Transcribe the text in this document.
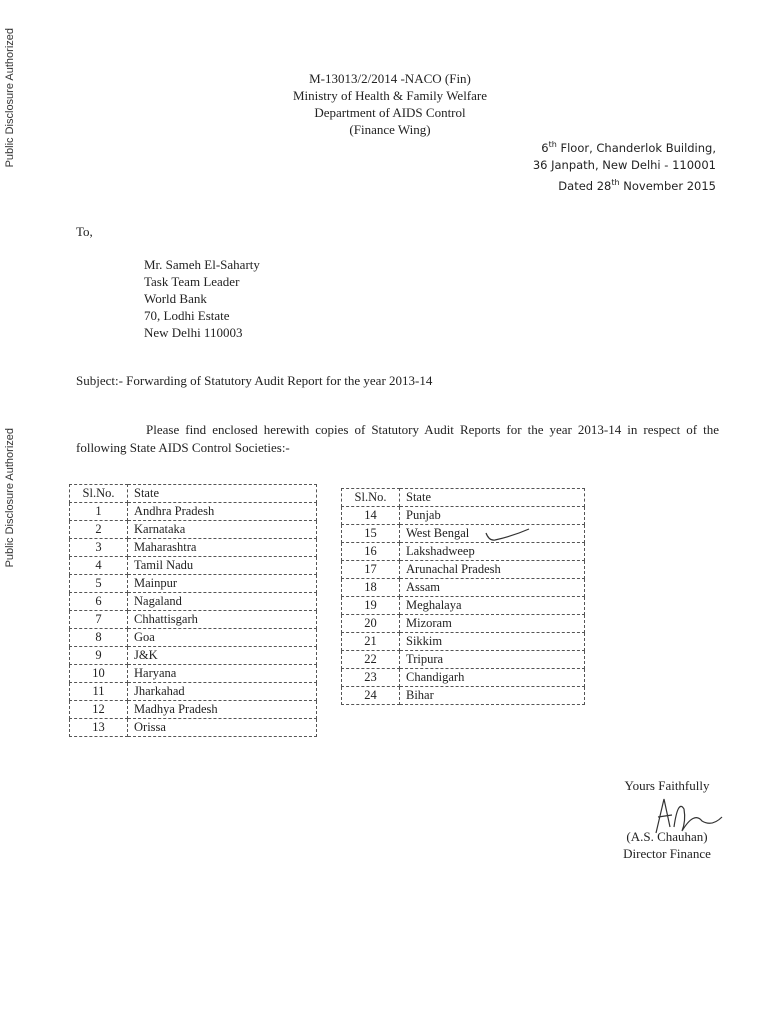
Public Disclosure Authorized
Public Disclosure Authorized
M-13013/2/2014 -NACO (Fin)
Ministry of Health & Family Welfare
Department of AIDS Control
(Finance Wing)
6th Floor, Chanderlok Building,
36 Janpath, New Delhi - 110001
Dated 28th November 2015
To,
Mr. Sameh El-Saharty
Task Team Leader
World Bank
70, Lodhi Estate
New Delhi 110003
Subject:- Forwarding of Statutory Audit Report for the year 2013-14
Please find enclosed herewith copies of Statutory Audit Reports for the year 2013-14 in respect of the following State AIDS Control Societies:-
Sl.No.	State
1	Andhra Pradesh
2	Karnataka
3	Maharashtra
4	Tamil Nadu
5	Mainpur
6	Nagaland
7	Chhattisgarh
8	Goa
9	J&K
10	Haryana
11	Jharkahad
12	Madhya Pradesh
13	Orissa
Sl.No.	State
14	Punjab
15	West Bengal
16	Lakshadweep
17	Arunachal Pradesh
18	Assam
19	Meghalaya
20	Mizoram
21	Sikkim
22	Tripura
23	Chandigarh
24	Bihar
Yours Faithfully
(A.S. Chauhan)
Director Finance
